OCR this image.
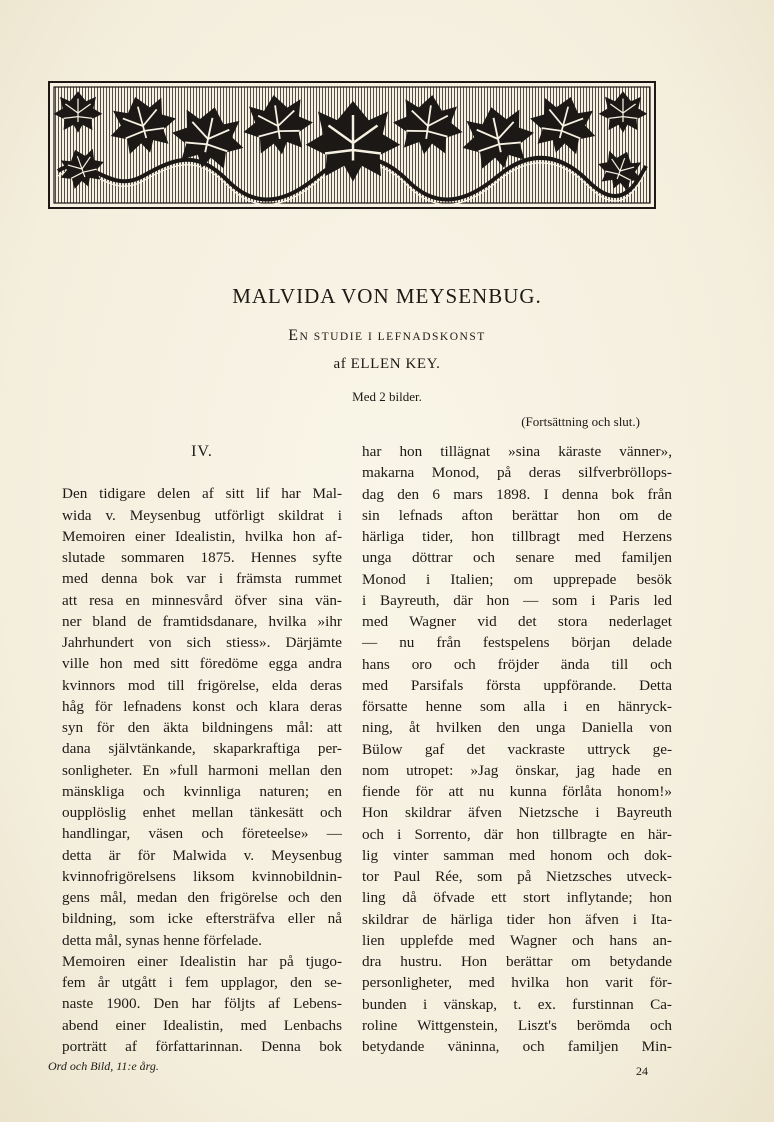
MALVIDA VON MEYSENBUG.
EN STUDIE I LEFNADSKONST
af ELLEN KEY.
Med 2 bilder.
(Fortsättning och slut.)
IV.
Den tidigare delen af sitt lif har Mal-
wida v. Meysenbug utförligt skildrat i
Memoiren einer Idealistin, hvilka hon af-
slutade sommaren 1875. Hennes syfte
med denna bok var i främsta rummet
att resa en minnesvård öfver sina vän-
ner bland de framtidsdanare, hvilka »ihr
Jahrhundert von sich stiess». Därjämte
ville hon med sitt föredöme egga andra
kvinnors mod till frigörelse, elda deras
håg för lefnadens konst och klara deras
syn för den äkta bildningens mål: att
dana självtänkande, skaparkraftiga per-
sonligheter. En »full harmoni mellan den
mänskliga och kvinnliga naturen; en
oupplöslig enhet mellan tänkesätt och
handlingar, väsen och företeelse» —
detta är för Malwida v. Meysenbug
kvinnofrigörelsens liksom kvinnobildnin-
gens mål, medan den frigörelse och den
bildning, som icke eftersträfva eller nå
detta mål, synas henne förfelade.
Memoiren einer Idealistin har på tjugo-
fem år utgått i fem upplagor, den se-
naste 1900. Den har följts af Lebens-
abend einer Idealistin, med Lenbachs
porträtt af författarinnan. Denna bok
har hon tillägnat »sina käraste vänner»,
makarna Monod, på deras silfverbröllops-
dag den 6 mars 1898. I denna bok från
sin lefnads afton berättar hon om de
härliga tider, hon tillbragt med Herzens
unga döttrar och senare med familjen
Monod i Italien; om upprepade besök
i Bayreuth, där hon — som i Paris led
med Wagner vid det stora nederlaget
— nu från festspelens början delade
hans oro och fröjder ända till och
med Parsifals första uppförande. Detta
försatte henne som alla i en hänryck-
ning, åt hvilken den unga Daniella von
Bülow gaf det vackraste uttryck ge-
nom utropet: »Jag önskar, jag hade en
fiende för att nu kunna förlåta honom!»
Hon skildrar äfven Nietzsche i Bayreuth
och i Sorrento, där hon tillbragte en här-
lig vinter samman med honom och dok-
tor Paul Rée, som på Nietzsches utveck-
ling då öfvade ett stort inflytande; hon
skildrar de härliga tider hon äfven i Ita-
lien upplefde med Wagner och hans an-
dra hustru. Hon berättar om betydande
personligheter, med hvilka hon varit för-
bunden i vänskap, t. ex. furstinnan Ca-
roline Wittgenstein, Liszt's berömda och
betydande väninna, och familjen Min-
Ord och Bild, 11:e årg.	24
